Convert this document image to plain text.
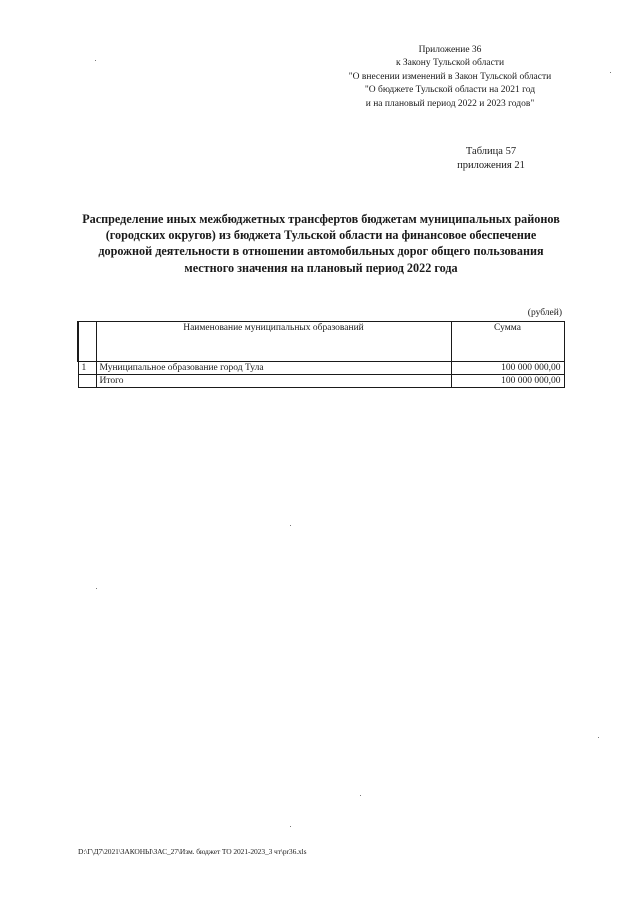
Приложение 36
к Закону Тульской области
"О внесении изменений в Закон Тульской области
"О бюджете Тульской области на 2021 год
и на плановый период 2022 и 2023 годов"
Таблица 57
приложения 21
Распределение иных межбюджетных трансфертов бюджетам муниципальных районов (городских округов) из бюджета Тульской области на финансовое обеспечение дорожной деятельности в отношении автомобильных дорог общего пользования местного значения на плановый период 2022 года
(рублей)
	Наименование муниципальных образований	Сумма
1	Муниципальное образование город Тула	100 000 000,00
	Итого	100 000 000,00
D:\Г\Д7\2021\ЗАКОНЫ\ЗАС_27\Изм. бюджет ТО 2021-2023_3 чт\pr36.xls
